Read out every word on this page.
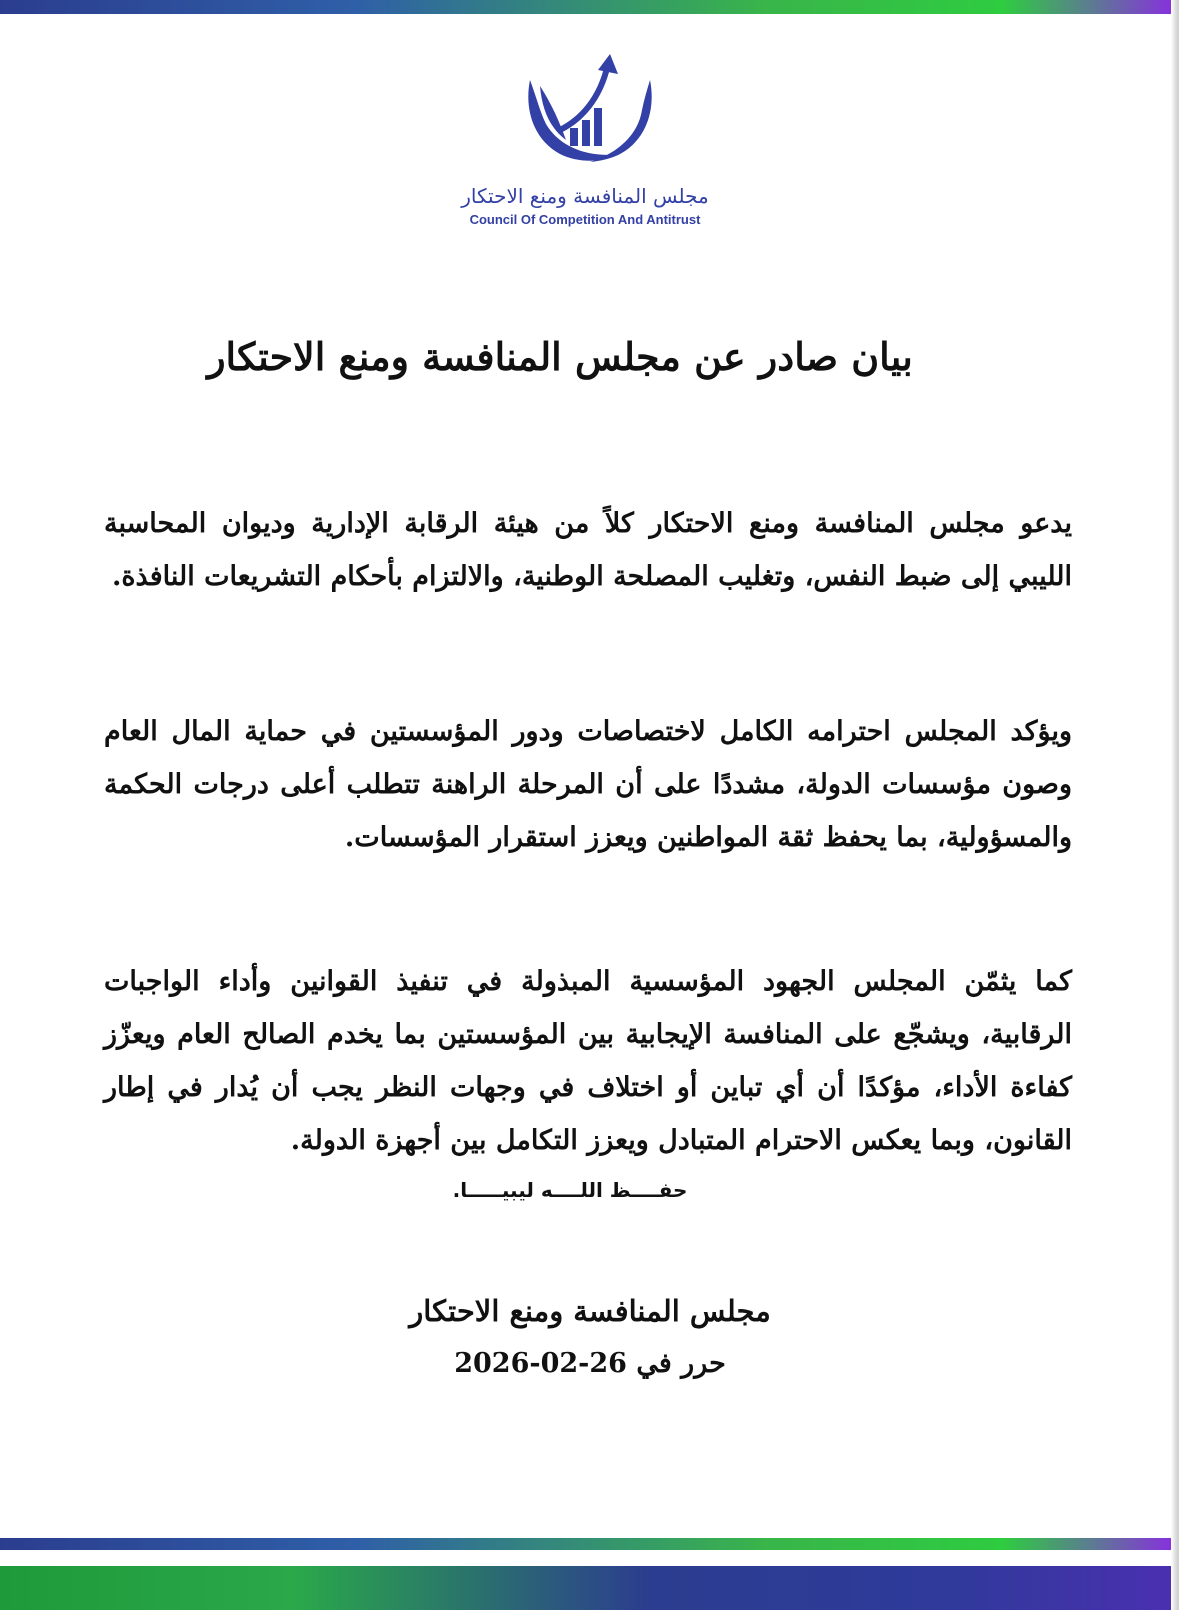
مجلس المنافسة ومنع الاحتكار
Council Of Competition And Antitrust
بيان صادر عن مجلس المنافسة ومنع الاحتكار

يدعو مجلس المنافسة ومنع الاحتكار كلاً من هيئة الرقابة الإدارية وديوان المحاسبة الليبي إلى ضبط النفس، وتغليب المصلحة الوطنية، والالتزام بأحكام التشريعات النافذة.

ويؤكد المجلس احترامه الكامل لاختصاصات ودور المؤسستين في حماية المال العام وصون مؤسسات الدولة، مشددًا على أن المرحلة الراهنة تتطلب أعلى درجات الحكمة والمسؤولية، بما يحفظ ثقة المواطنين ويعزز استقرار المؤسسات.

كما يثمّن المجلس الجهود المؤسسية المبذولة في تنفيذ القوانين وأداء الواجبات الرقابية، ويشجّع على المنافسة الإيجابية بين المؤسستين بما يخدم الصالح العام ويعزّز كفاءة الأداء، مؤكدًا أن أي تباين أو اختلاف في وجهات النظر يجب أن يُدار في إطار القانون، وبما يعكس الاحترام المتبادل ويعزز التكامل بين أجهزة الدولة.

حفــــظ اللــــه ليبيـــــا.
مجلس المنافسة ومنع الاحتكار
حرر في 26-02-2026
